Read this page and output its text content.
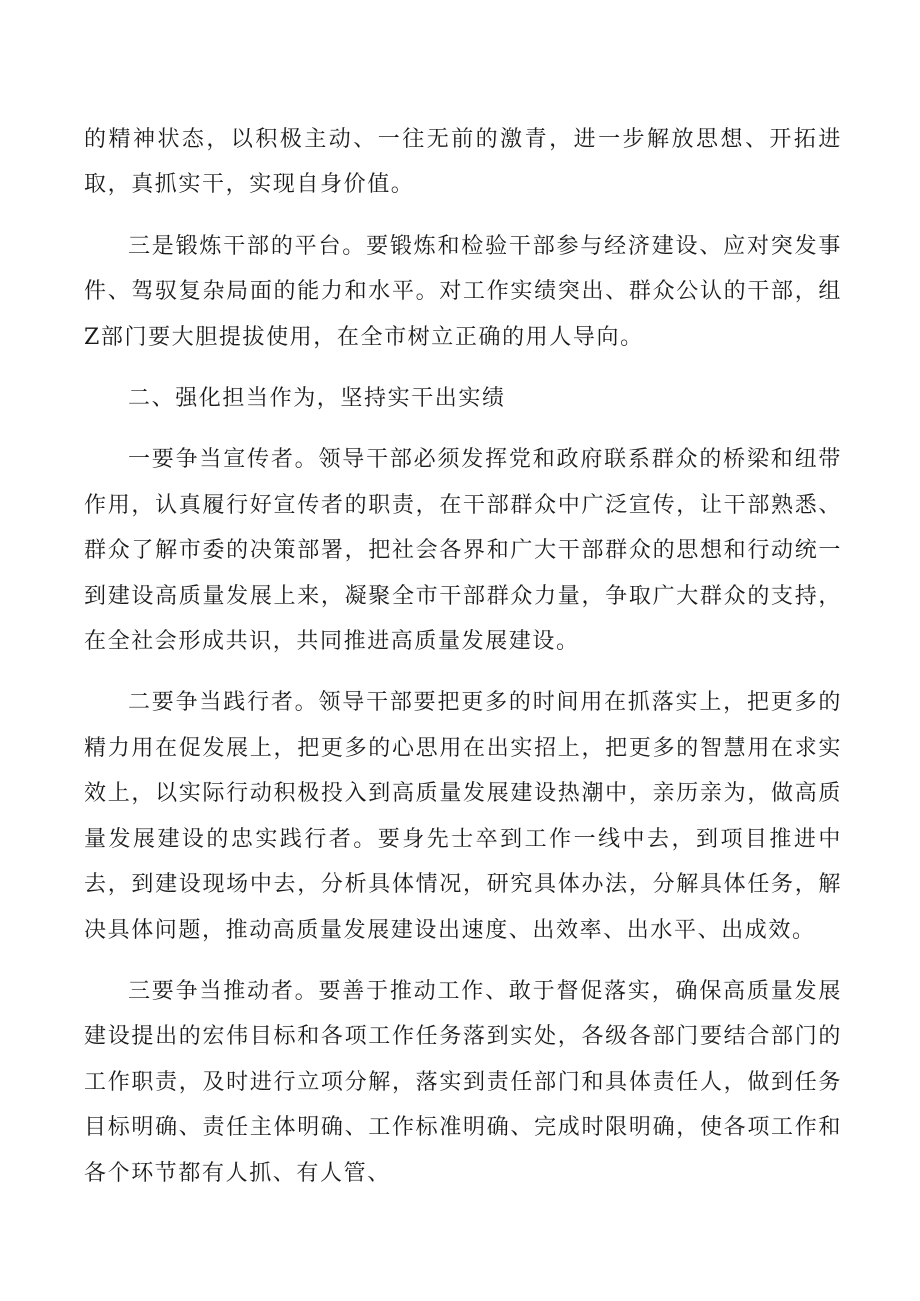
的精神状态，以积极主动、一往无前的激青，进一步解放思想、开拓进取，真抓实干，实现自身价值。

三是锻炼干部的平台。要锻炼和检验干部参与经济建设、应对突发事件、驾驭复杂局面的能力和水平。对工作实绩突出、群众公认的干部，组Z部门要大胆提拔使用，在全市树立正确的用人导向。

二、强化担当作为，坚持实干出实绩

一要争当宣传者。领导干部必须发挥党和政府联系群众的桥梁和纽带作用，认真履行好宣传者的职责，在干部群众中广泛宣传，让干部熟悉、群众了解市委的决策部署，把社会各界和广大干部群众的思想和行动统一到建设高质量发展上来，凝聚全市干部群众力量，争取广大群众的支持，在全社会形成共识，共同推进高质量发展建设。

二要争当践行者。领导干部要把更多的时间用在抓落实上，把更多的精力用在促发展上，把更多的心思用在出实招上，把更多的智慧用在求实效上，以实际行动积极投入到高质量发展建设热潮中，亲历亲为，做高质量发展建设的忠实践行者。要身先士卒到工作一线中去，到项目推进中去，到建设现场中去，分析具体情况，研究具体办法，分解具体任务，解决具体问题，推动高质量发展建设出速度、出效率、出水平、出成效。

三要争当推动者。要善于推动工作、敢于督促落实，确保高质量发展建设提出的宏伟目标和各项工作任务落到实处，各级各部门要结合部门的工作职责，及时进行立项分解，落实到责任部门和具体责任人，做到任务目标明确、责任主体明确、工作标准明确、完成时限明确，使各项工作和各个环节都有人抓、有人管、
